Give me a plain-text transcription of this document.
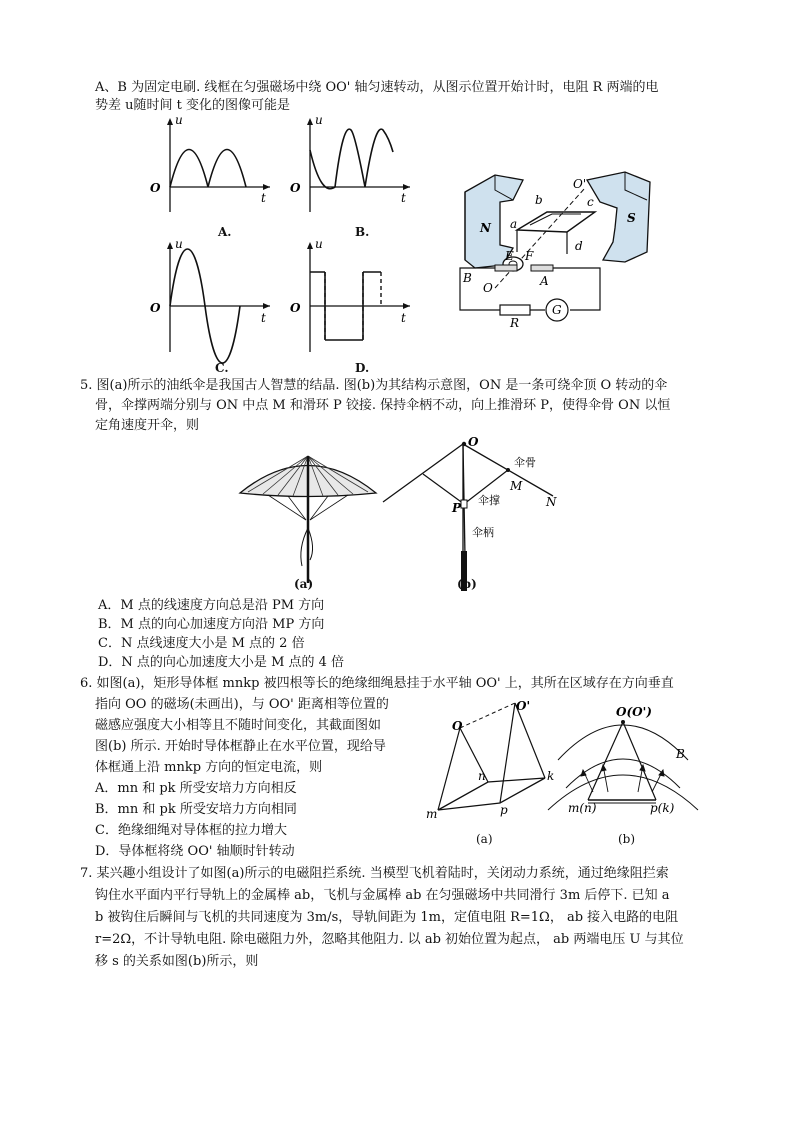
A、B 为固定电刷. 线框在匀强磁场中绕 OO' 轴匀速转动，从图示位置开始计时，电阻 R 两端的电
势差 u随时间 t 变化的图像可能是
u
O
t
A.
u
O
t
B.
u
O
t
C.
u
O
t
D.
N
S
a
b	c
d
O'
O
B	A
R
G
E F
5. 图(a)所示的油纸伞是我国古人智慧的结晶. 图(b)为其结构示意图，ON 是一条可绕伞顶 O 转动的伞
骨，伞撑两端分别与 ON 中点 M 和滑环 P 铰接. 保持伞柄不动，向上推滑环 P，使得伞骨 ON 以恒
定角速度开伞，则
(a)
O
M
N
P
伞骨
伞撑
伞柄
(b)
A．M 点的线速度方向总是沿 PM 方向
B．M 点的向心加速度方向沿 MP 方向
C．N 点线速度大小是 M 点的 2 倍
D．N 点的向心加速度大小是 M 点的 4 倍
6. 如图(a)，矩形导体框 mnkp 被四根等长的绝缘细绳悬挂于水平轴 OO' 上，其所在区域存在方向垂直
指向 OO 的磁场(未画出)，与 OO' 距离相等位置的
磁感应强度大小相等且不随时间变化，其截面图如
图(b) 所示. 开始时导体框静止在水平位置，现给导
体框通上沿 mnkp 方向的恒定电流，则
A．mn 和 pk 所受安培力方向相反
B．mn 和 pk 所受安培力方向相同
C．绝缘细绳对导体框的拉力增大
D．导体框将绕 OO' 轴顺时针转动
O
O'
m
n	k
p
(a)
O(O')
m(n)	p(k)
B
(b)
7. 某兴趣小组设计了如图(a)所示的电磁阻拦系统. 当模型飞机着陆时，关闭动力系统，通过绝缘阻拦索
钩住水平面内平行导轨上的金属棒 ab，飞机与金属棒 ab 在匀强磁场中共同滑行 3m 后停下. 已知 a
b 被钩住后瞬间与飞机的共同速度为 3m/s，导轨间距为 1m，定值电阻 R=1Ω， ab 接入电路的电阻
r=2Ω，不计导轨电阻. 除电磁阻力外，忽略其他阻力. 以 ab 初始位置为起点， ab 两端电压 U 与其位
移 s 的关系如图(b)所示，则
